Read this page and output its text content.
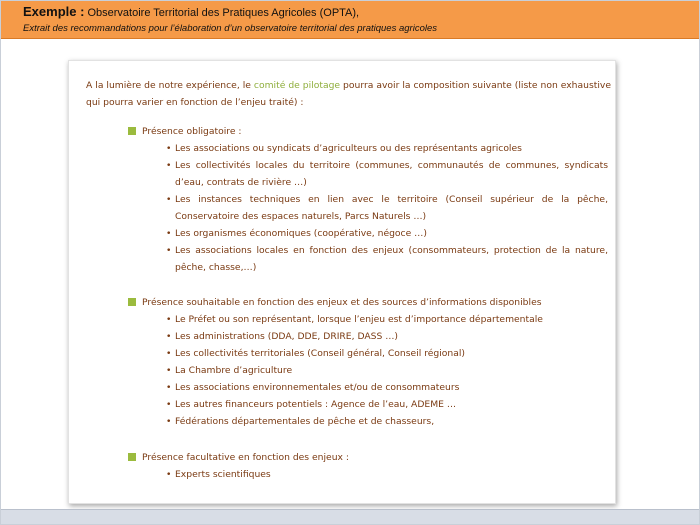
Exemple : Observatoire Territorial des Pratiques Agricoles (OPTA),
Extrait des recommandations pour l’élaboration d’un observatoire territorial des pratiques agricoles
A la lumière de notre expérience, le comité de pilotage pourra avoir la composition suivante (liste non exhaustive qui pourra varier en fonction de l’enjeu traité) :
Présence obligatoire :
• Les associations ou syndicats d’agriculteurs ou des représentants agricoles
• Les collectivités locales du territoire (communes, communautés de communes, syndicats d’eau, contrats de rivière …)
• Les instances techniques en lien avec le territoire (Conseil supérieur de la pêche, Conservatoire des espaces naturels, Parcs Naturels …)
• Les organismes économiques (coopérative, négoce …)
• Les associations locales en fonction des enjeux (consommateurs, protection de la nature, pêche, chasse,…)
Présence souhaitable en fonction des enjeux et des sources d’informations disponibles
• Le Préfet ou son représentant, lorsque l’enjeu est d’importance départementale
• Les administrations (DDA, DDE, DRIRE, DASS …)
• Les collectivités territoriales (Conseil général, Conseil régional)
• La Chambre d’agriculture
• Les associations environnementales et/ou de consommateurs
• Les autres financeurs potentiels : Agence de l’eau, ADEME …
• Fédérations départementales de pêche et de chasseurs,
Présence facultative en fonction des enjeux :
• Experts scientifiques
